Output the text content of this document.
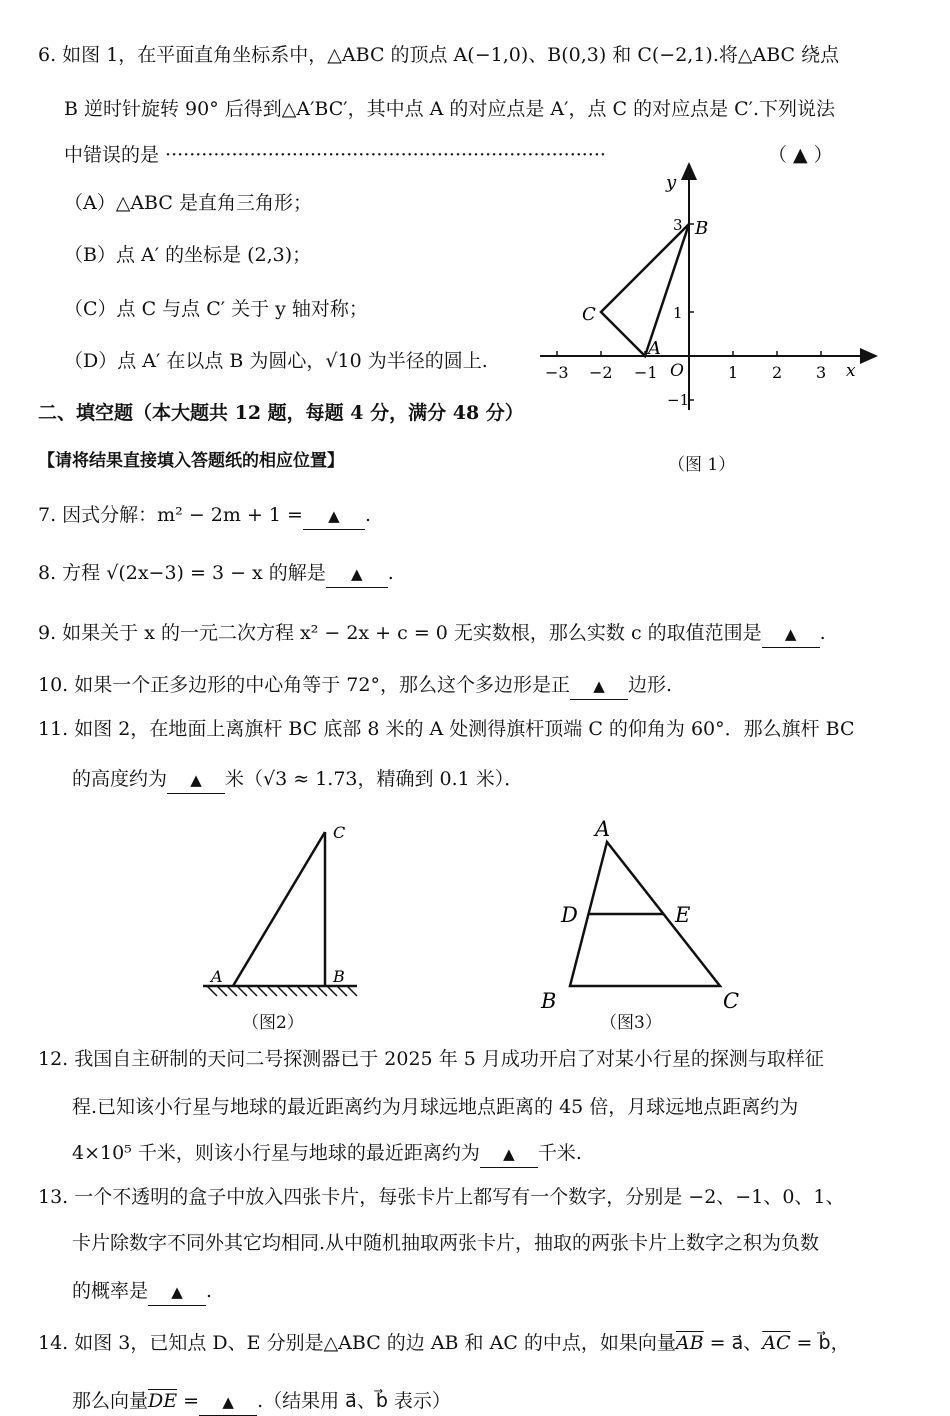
6. 如图 1，在平面直角坐标系中，△ABC 的顶点 A(−1,0)、B(0,3) 和 C(−2,1).将△ABC 绕点
B 逆时针旋转 90° 后得到△A′BC′，其中点 A 的对应点是 A′，点 C 的对应点是 C′.下列说法
中错误的是 ·········································································	（ ▲ ）
（A）△ABC 是直角三角形；
（B）点 A′ 的坐标是 (2,3)；
（C）点 C 与点 C′ 关于 y 轴对称；
（D）点 A′ 在以点 B 为圆心，√10 为半径的圆上.
−3 −2 −1	1 2 3 x
y
3
1
−1
O
A
B
C
（图 1）
二、填空题（本大题共 12 题，每题 4 分，满分 48 分）
【请将结果直接填入答题纸的相应位置】
7. 因式分解：m² − 2m + 1 = ▲ .
8. 方程 √(2x−3) = 3 − x 的解是 ▲ .
9. 如果关于 x 的一元二次方程 x² − 2x + c = 0 无实数根，那么实数 c 的取值范围是 ▲ .
10. 如果一个正多边形的中心角等于 72°，那么这个多边形是正 ▲ 边形.
11. 如图 2，在地面上离旗杆 BC 底部 8 米的 A 处测得旗杆顶端 C 的仰角为 60°．那么旗杆 BC
的高度约为 ▲ 米（√3 ≈ 1.73，精确到 0.1 米）．
A	B
C
（图2）
A
B	C
D	E
（图3）
12. 我国自主研制的天问二号探测器已于 2025 年 5 月成功开启了对某小行星的探测与取样征
程.已知该小行星与地球的最近距离约为月球远地点距离的 45 倍，月球远地点距离约为
4×10⁵ 千米，则该小行星与地球的最近距离约为 ▲ 千米.
13. 一个不透明的盒子中放入四张卡片，每张卡片上都写有一个数字，分别是 −2、−1、0、1、
卡片除数字不同外其它均相同.从中随机抽取两张卡片，抽取的两张卡片上数字之积为负数
的概率是 ▲ .
14. 如图 3，已知点 D、E 分别是△ABC 的边 AB 和 AC 的中点，如果向量$\overline{AB}$ = a⃗、$\overline{AC}$ = b⃗，
那么向量$\overline{DE}$ = ▲ .（结果用 a⃗、b⃗ 表示）
